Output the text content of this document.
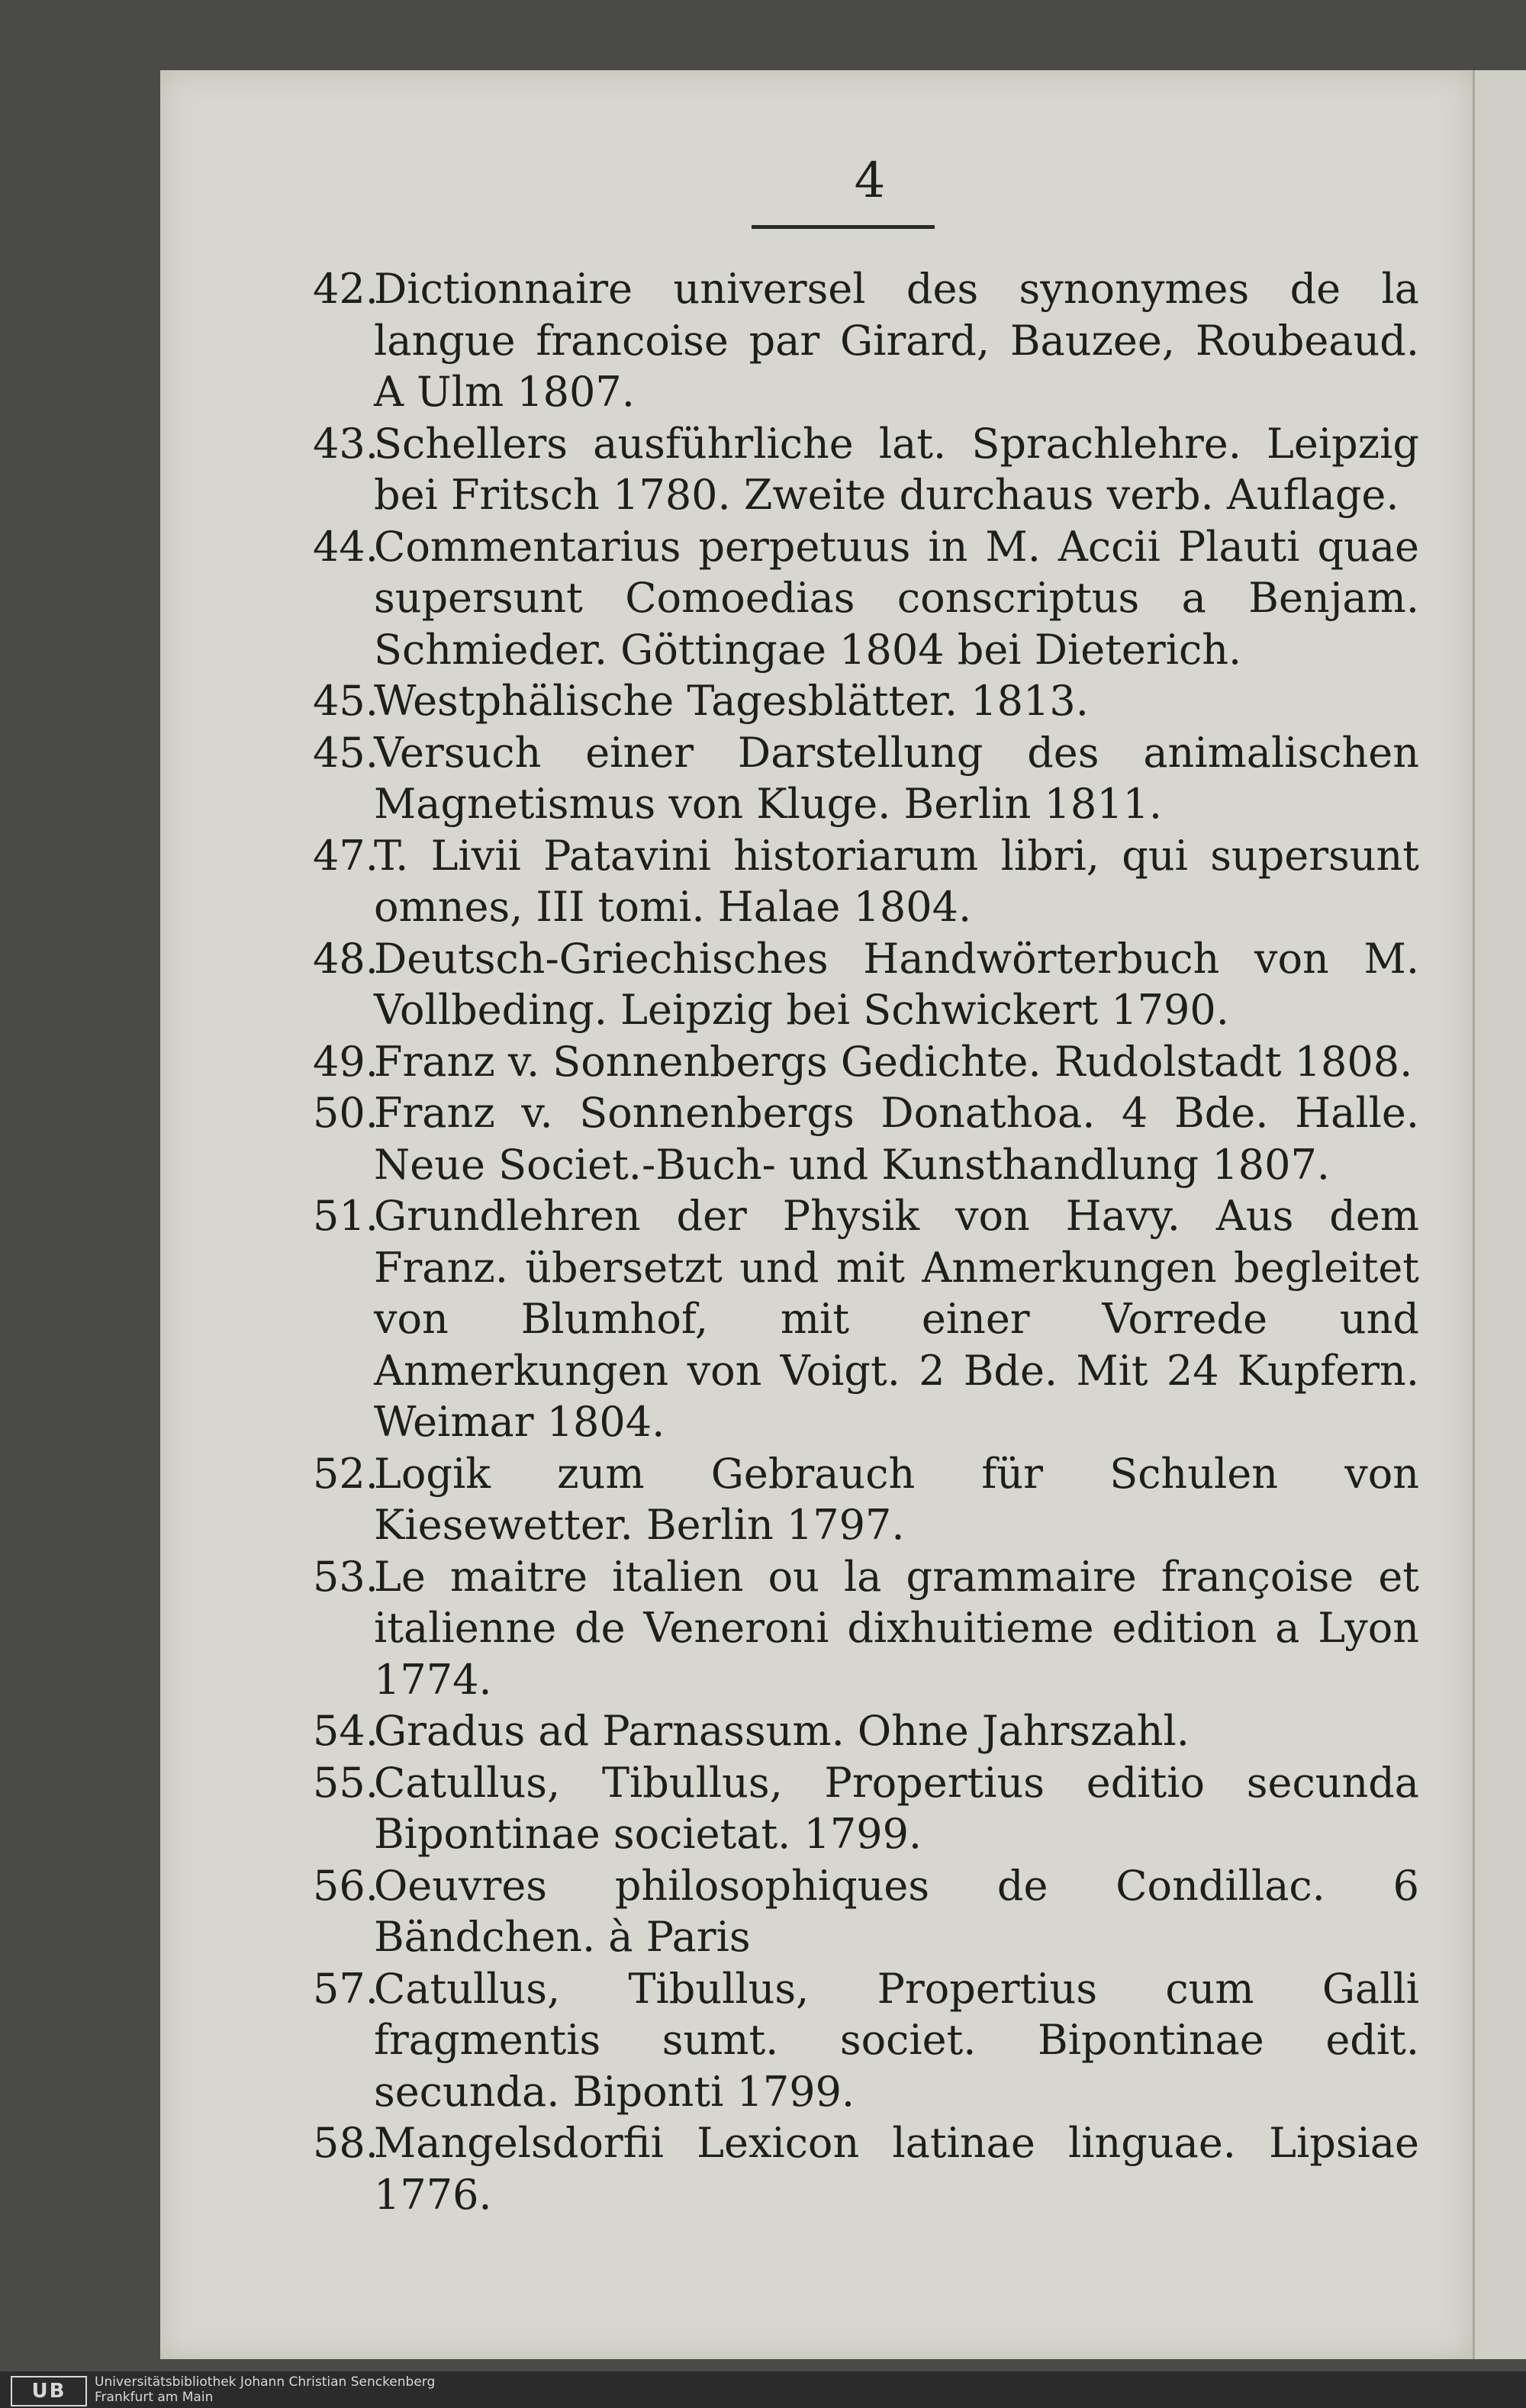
4
42.
Dictionnaire universel des synonymes de la langue francoise par Girard, Bauzee, Roubeaud. A Ulm 1807.
43.
Schellers ausführliche lat. Sprachlehre. Leipzig bei Fritsch 1780. Zweite durchaus verb. Auflage.
44.
Commentarius perpetuus in M. Accii Plauti quae supersunt Comoedias conscriptus a Benjam. Schmieder. Göttingae 1804 bei Dieterich.
45.
Westphälische Tagesblätter. 1813.
45.
Versuch einer Darstellung des animalischen Magnetismus von Kluge. Berlin 1811.
47.
T. Livii Patavini historiarum libri, qui supersunt omnes, III tomi. Halae 1804.
48.
Deutsch-Griechisches Handwörterbuch von M. Vollbeding. Leipzig bei Schwickert 1790.
49.
Franz v. Sonnenbergs Gedichte. Rudolstadt 1808.
50.
Franz v. Sonnenbergs Donathoa. 4 Bde. Halle. Neue Societ.-Buch- und Kunsthandlung 1807.
51.
Grundlehren der Physik von Havy. Aus dem Franz. übersetzt und mit Anmerkungen begleitet von Blumhof, mit einer Vorrede und Anmerkungen von Voigt. 2 Bde. Mit 24 Kupfern. Weimar 1804.
52.
Logik zum Gebrauch für Schulen von Kiesewetter. Berlin 1797.
53.
Le maitre italien ou la grammaire françoise et italienne de Veneroni dixhuitieme edition a Lyon 1774.
54.
Gradus ad Parnassum. Ohne Jahrszahl.
55.
Catullus, Tibullus, Propertius editio secunda Bipontinae societat. 1799.
56.
Oeuvres philosophiques de Condillac. 6 Bändchen. à Paris
57.
Catullus, Tibullus, Propertius cum Galli fragmentis sumt. societ. Bipontinae edit. secunda. Biponti 1799.
58.
Mangelsdorfii Lexicon latinae linguae. Lipsiae 1776.
UB	Universitätsbibliothek Johann Christian Senckenberg
Frankfurt am Main
